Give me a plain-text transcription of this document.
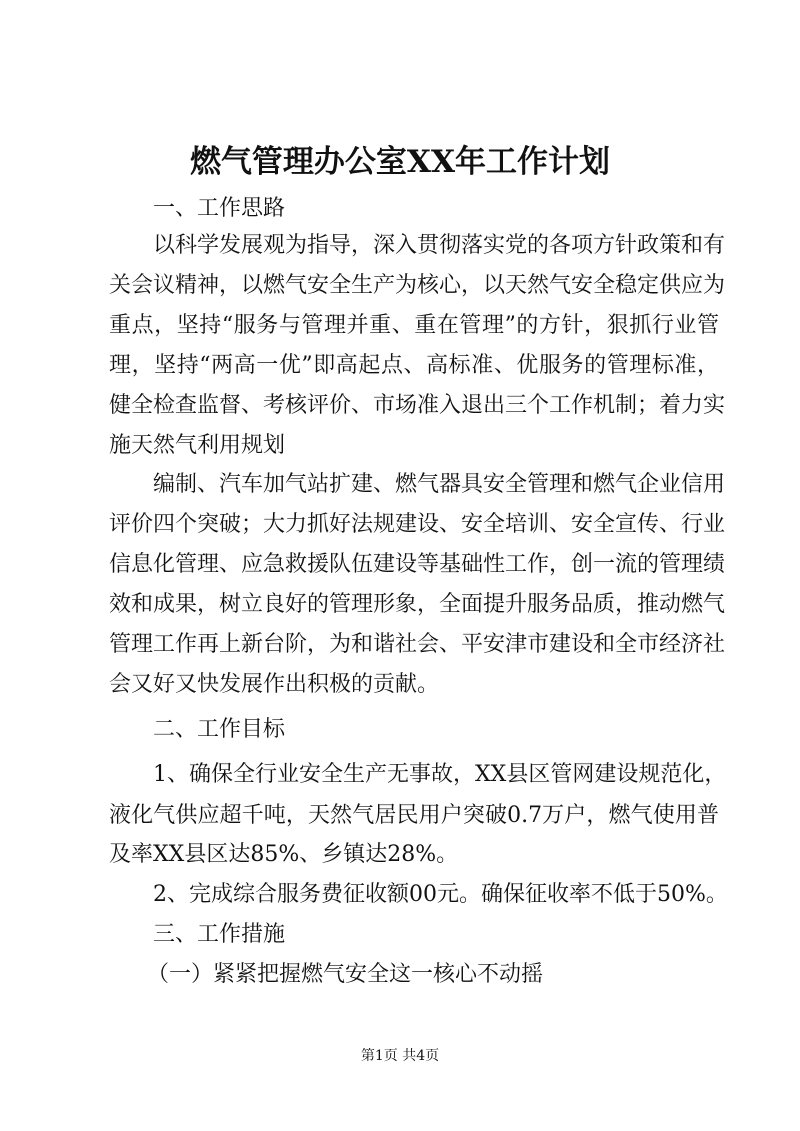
燃气管理办公室XX年工作计划
一、工作思路
以科学发展观为指导，深入贯彻落实党的各项方针政策和有
关会议精神，以燃气安全生产为核心，以天然气安全稳定供应为
重点，坚持“服务与管理并重、重在管理”的方针，狠抓行业管
理，坚持“两高一优”即高起点、高标准、优服务的管理标准，
健全检查监督、考核评价、市场准入退出三个工作机制；着力实
施天然气利用规划
编制、汽车加气站扩建、燃气器具安全管理和燃气企业信用
评价四个突破；大力抓好法规建设、安全培训、安全宣传、行业
信息化管理、应急救援队伍建设等基础性工作，创一流的管理绩
效和成果，树立良好的管理形象，全面提升服务品质，推动燃气
管理工作再上新台阶，为和谐社会、平安津市建设和全市经济社
会又好又快发展作出积极的贡献。
二、工作目标
1、确保全行业安全生产无事故，XX县区管网建设规范化，
液化气供应超千吨，天然气居民用户突破0.7万户，燃气使用普
及率XX县区达85%、乡镇达28%。
2、完成综合服务费征收额00元。确保征收率不低于50%。
三、工作措施
（一）紧紧把握燃气安全这一核心不动摇
第1页 共4页
